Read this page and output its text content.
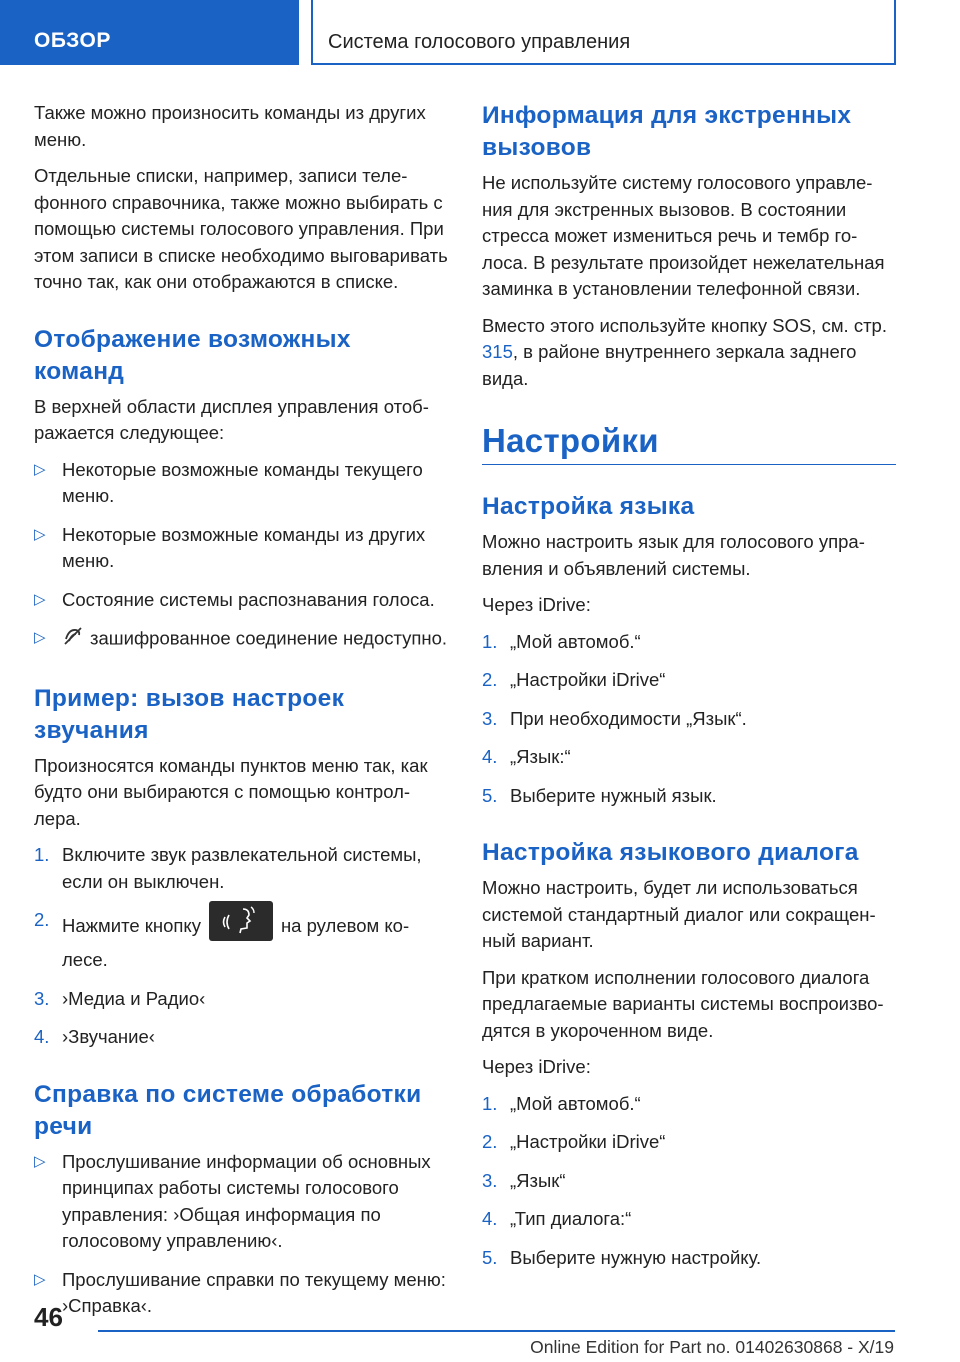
ОБЗОР	Система голосового управления

Также можно произносить команды из других меню.

Отдельные списки, например, записи телефонного справочника, также можно выбирать с помощью системы голосового управления. При этом записи в списке необходимо выговаривать точно так, как они отображаются в списке.

Отображение возможных команд

В верхней области дисплея управления отображается следующее:

▷ Некоторые возможные команды текущего меню.
▷ Некоторые возможные команды из других меню.
▷ Состояние системы распознавания голоса.
▷ зашифрованное соединение недоступно.
Пример: вызов настроек звучания

Произносятся команды пунктов меню так, как будто они выбираются с помощью контроллера.

1. Включите звук развлекательной системы, если он выключен.
2. Нажмите кнопку	на рулевом колесе.
3. ›Медиа и Радио‹
4. ›Звучание‹
Справка по системе обработки речи
▷ Прослушивание информации об основных принципах работы системы голосового управления: ›Общая информация по голосовому управлению‹.
▷ Прослушивание справки по текущему меню: ›Справка‹.
Информация для экстренных вызовов

Не используйте систему голосового управления для экстренных вызовов. В состоянии стресса может измениться речь и тембр голоса. В результате произойдет нежелательная заминка в установлении телефонной связи.

Вместо этого используйте кнопку SOS, см. стр. 315, в районе внутреннего зеркала заднего вида.

Настройки
Настройка языка

Можно настроить язык для голосового управления и объявлений системы.

Через iDrive:

1. „Мой автомоб.“
2. „Настройки iDrive“
3. При необходимости „Язык“.
4. „Язык:“
5. Выберите нужный язык.
Настройка языкового диалога

Можно настроить, будет ли использоваться системой стандартный диалог или сокращенный вариант.

При кратком исполнении голосового диалога предлагаемые варианты системы воспроизводятся в укороченном виде.

Через iDrive:

1. „Мой автомоб.“
2. „Настройки iDrive“
3. „Язык“
4. „Тип диалога:“
5. Выберите нужную настройку.
46
Online Edition for Part no. 01402630868 - X/19
